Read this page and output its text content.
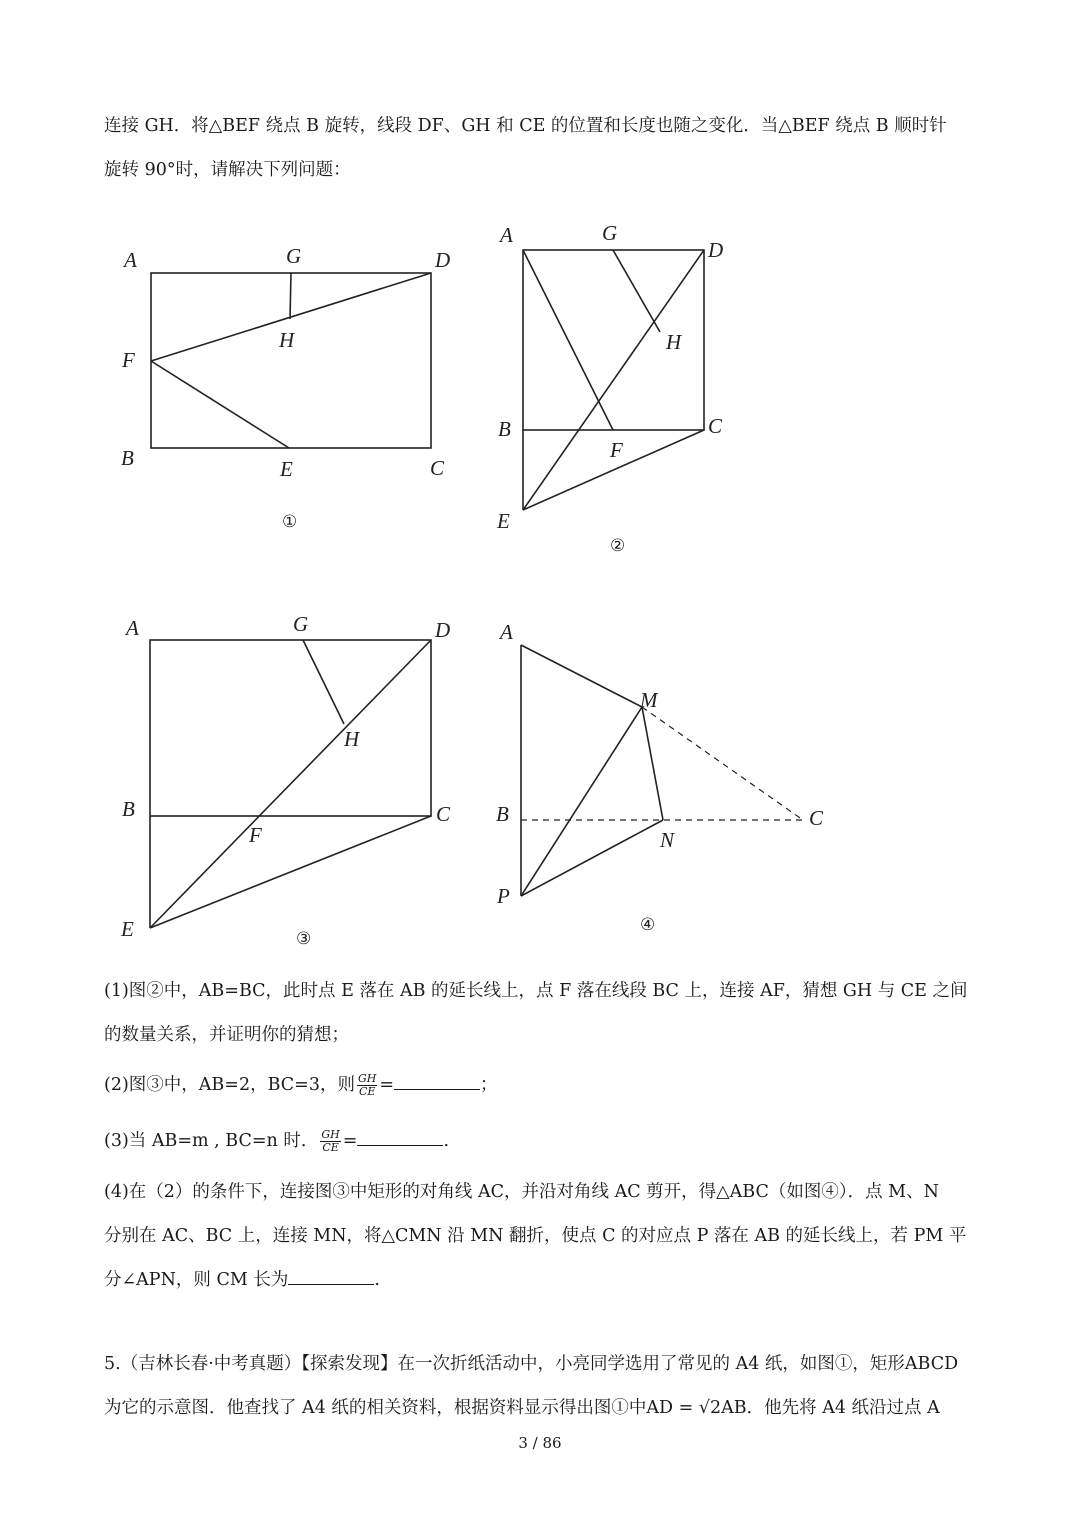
连接 GH．将△BEF 绕点 B 旋转，线段 DF、GH 和 CE 的位置和长度也随之变化．当△BEF 绕点 B 顺时针
旋转 90°时，请解决下列问题：

A	G	D
H
F
B	E	C
①
A	G
D
H
B	C
F
E
②
A	G	D
H
B	C
F
E	③
A
M
B	C
N
P
④

(1)图②中，AB=BC，此时点 E 落在 AB 的延长线上，点 F 落在线段 BC 上，连接 AF，猜想 GH 与 CE 之间
的数量关系，并证明你的猜想；

(2)图③中，AB=2，BC=3，则 $\frac{GH}{CE}$ =	；

(3)当 AB=m , BC=n 时． $\frac{GH}{CE}$ =	.

(4)在（2）的条件下，连接图③中矩形的对角线 AC，并沿对角线 AC 剪开，得△ABC（如图④）．点 M、N
分别在 AC、BC 上，连接 MN，将△CMN 沿 MN 翻折，使点 C 的对应点 P 落在 AB 的延长线上，若 PM 平
分∠APN，则 CM 长为	.

5.（吉林长春·中考真题）【探索发现】在一次折纸活动中，小亮同学选用了常见的 A4 纸，如图①，矩形ABCD
为它的示意图．他查找了 A4 纸的相关资料，根据资料显示得出图①中AD = √2AB．他先将 A4 纸沿过点 A

3 / 86
